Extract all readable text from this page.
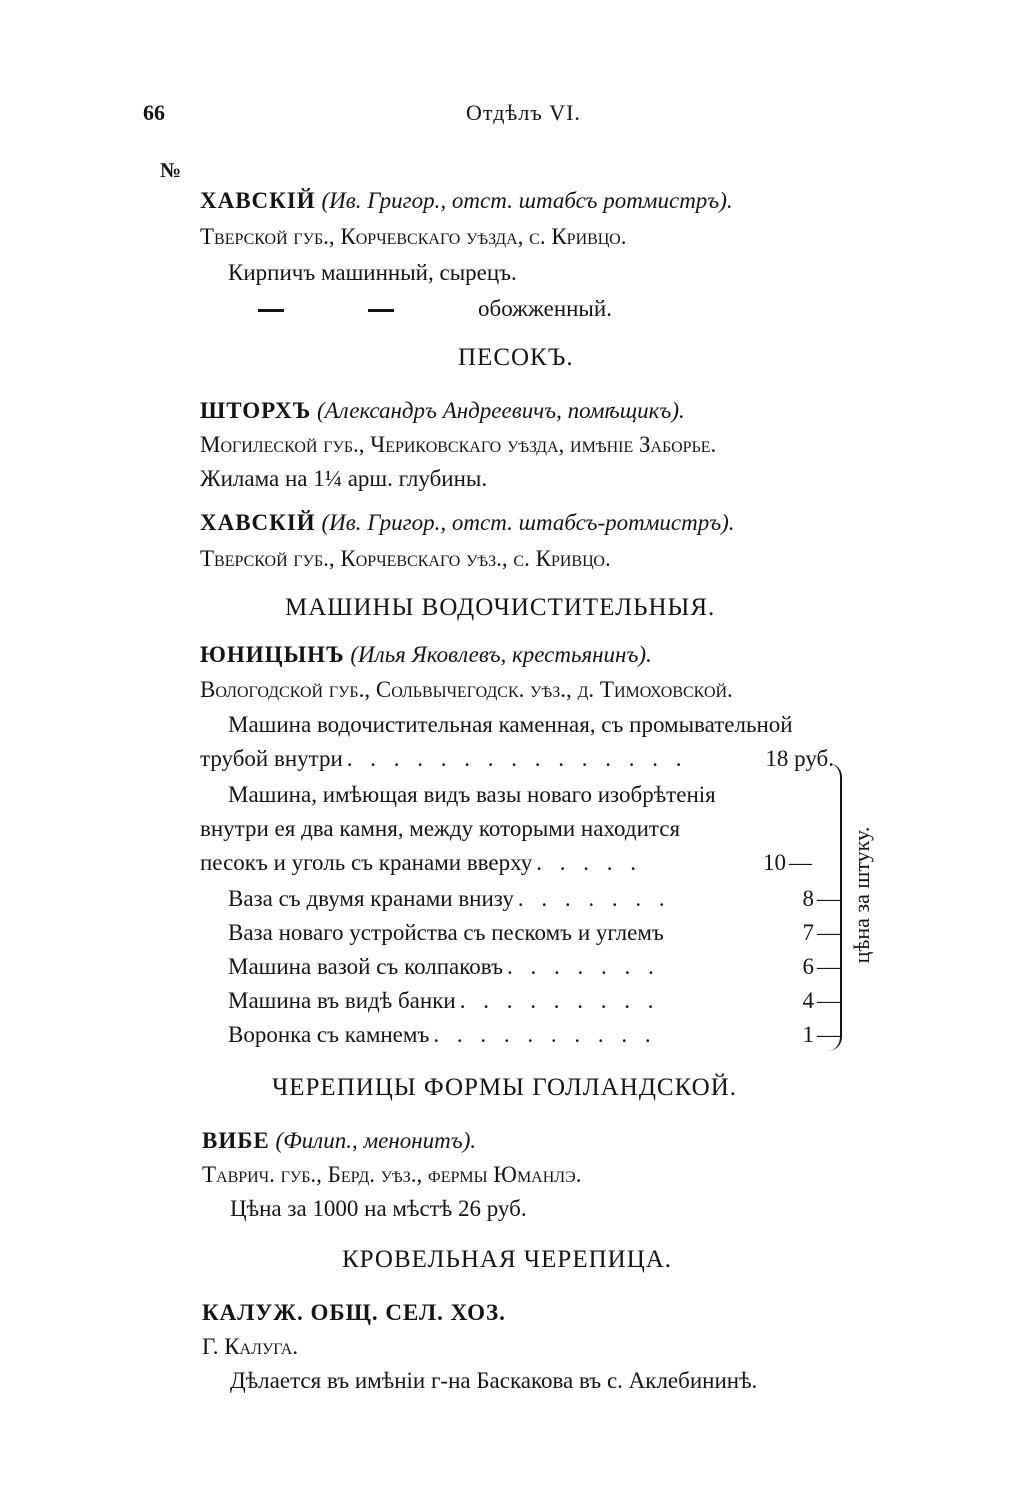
66	Отдѣлъ VI.
№
ХАВСКІЙ (Ив. Григор., отст. штабсъ ротмистръ).
Тверской губ., Корчевскаго уѣзда, с. Кривцо.
Кирпичъ машинный, сырецъ.
обожженный.
ПЕСОКЪ.
ШТОРХЪ (Александръ Андреевичъ, помѣщикъ).
Могилеской губ., Чериковскаго уѣзда, имѣніе Заборье.
Жилама на 1¼ арш. глубины.
ХАВСКІЙ (Ив. Григор., отст. штабсъ-ротмистръ).
Тверской губ., Корчевскаго уѣз., с. Кривцо.
МАШИНЫ ВОДОЧИСТИТЕЛЬНЫЯ.
ЮНИЦЫНЪ (Илья Яковлевъ, крестьянинъ).
Вологодской губ., Сольвычегодск. уѣз., д. Тимоховской.
Машина водочистительная каменная, съ промывательной
трубой внутри . . . . . . . . . . . . . . .	18 руб.
Машина, имѣющая видъ вазы новаго изобрѣтенія
внутри ея два камня, между которыми находится
песокъ и уголь съ кранами вверху . . . . .	10 —
Ваза съ двумя кранами внизу . . . . . . .	8 —
Ваза новаго устройства съ пескомъ и углемъ	7 —
Машина вазой съ колпаковъ . . . . . . .	6 —
Машина въ видѣ банки . . . . . . . . .	4 —
Воронка съ камнемъ . . . . . . . . . .	1 —
цѣна за штуку.
ЧЕРЕПИЦЫ ФОРМЫ ГОЛЛАНДСКОЙ.
ВИБЕ (Филип., менонитъ).
Таврич. губ., Берд. уѣз., фермы Юманлэ.
Цѣна за 1000 на мѣстѣ 26 руб.
КРОВЕЛЬНАЯ ЧЕРЕПИЦА.
КАЛУЖ. ОБЩ. СЕЛ. ХОЗ.
Г. Калуга.
Дѣлается въ имѣніи г-на Баскакова въ с. Аклебининѣ.
